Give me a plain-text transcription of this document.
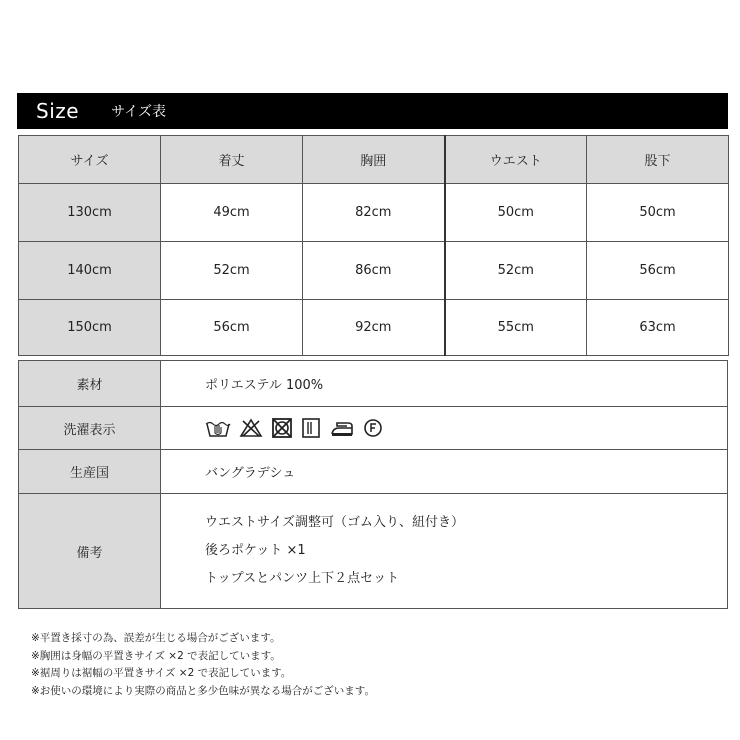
Size サイズ表
サイズ	着丈	胸囲	ウエスト	股下
130cm	49cm	82cm	50cm	50cm
140cm	52cm	86cm	52cm	56cm
150cm	56cm	92cm	55cm	63cm
素材	ポリエステル 100%
洗濯表示	

生産国	バングラデシュ
備考	ウエストサイズ調整可（ゴム入り、紐付き）
後ろポケット ×1
トップスとパンツ上下２点セット
※平置き採寸の為、誤差が生じる場合がございます。
※胸囲は身幅の平置きサイズ ×2 で表記しています。
※裾周りは裾幅の平置きサイズ ×2 で表記しています。
※お使いの環境により実際の商品と多少色味が異なる場合がございます。
